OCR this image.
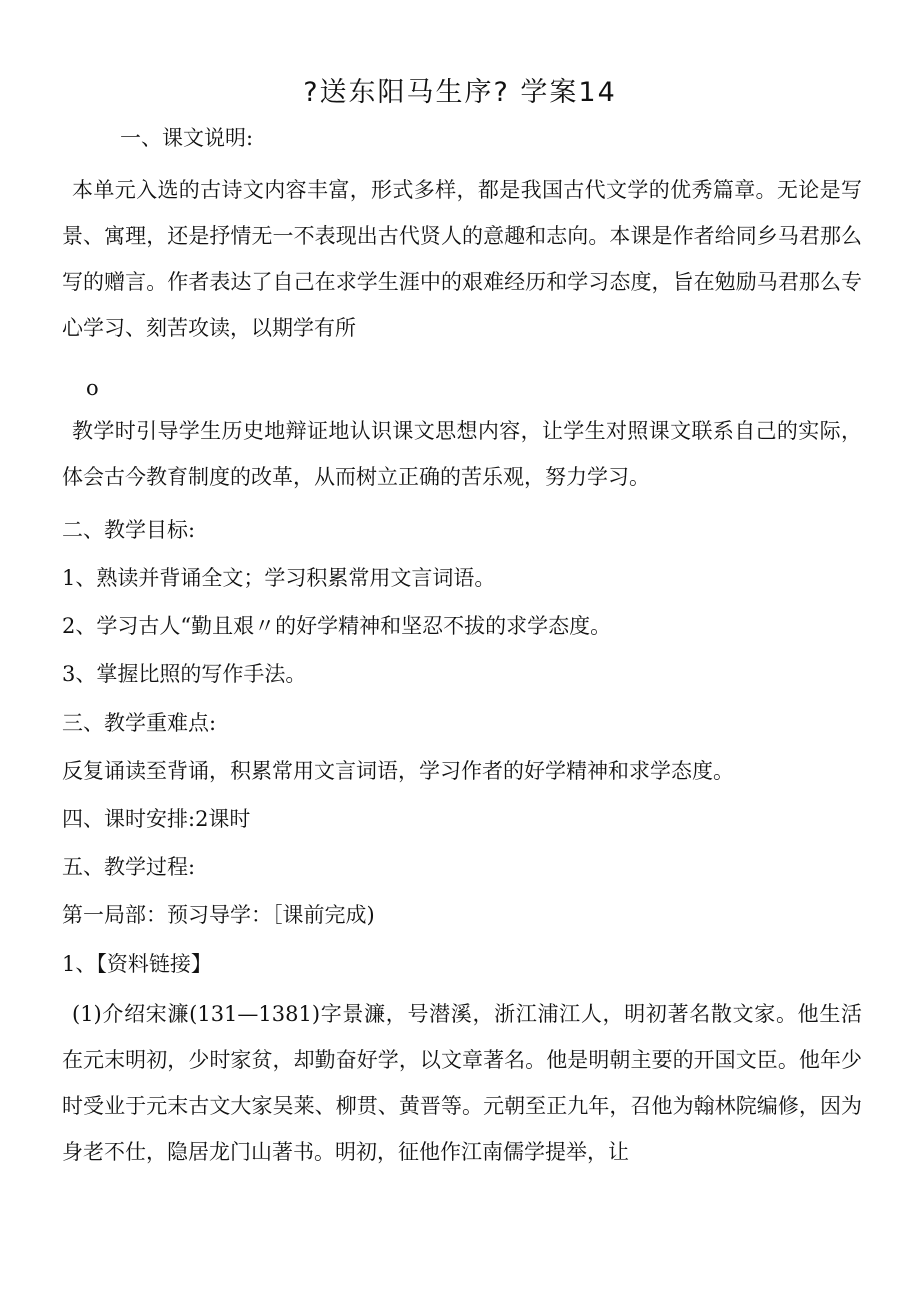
?送东阳马生序? 学案14

一、课文说明:

本单元入选的古诗文内容丰富，形式多样，都是我国古代文学的优秀篇章。无论是写景、寓理，还是抒情无一不表现出古代贤人的意趣和志向。本课是作者给同乡马君那么写的赠言。作者表达了自己在求学生涯中的艰难经历和学习态度，旨在勉励马君那么专心学习、刻苦攻读，以期学有所

o

教学时引导学生历史地辩证地认识课文思想内容，让学生对照课文联系自己的实际，体会古今教育制度的改革，从而树立正确的苦乐观，努力学习。

二、教学目标:

1、熟读并背诵全文；学习积累常用文言词语。

2、学习古人“勤且艰〃的好学精神和坚忍不拔的求学态度。

3、掌握比照的写作手法。

三、教学重难点:

反复诵读至背诵，积累常用文言词语，学习作者的好学精神和求学态度。

四、课时安排:2课时

五、教学过程:

第一局部：预习导学：［课前完成)

1、【资料链接】

(1)介绍宋濂(131—1381)字景濂，号潜溪，浙江浦江人，明初著名散文家。他生活在元末明初，少时家贫，却勤奋好学，以文章著名。他是明朝主要的开国文臣。他年少时受业于元末古文大家吴莱、柳贯、黄晋等。元朝至正九年，召他为翰林院编修，因为身老不仕，隐居龙门山著书。明初，征他作江南儒学提举，让
